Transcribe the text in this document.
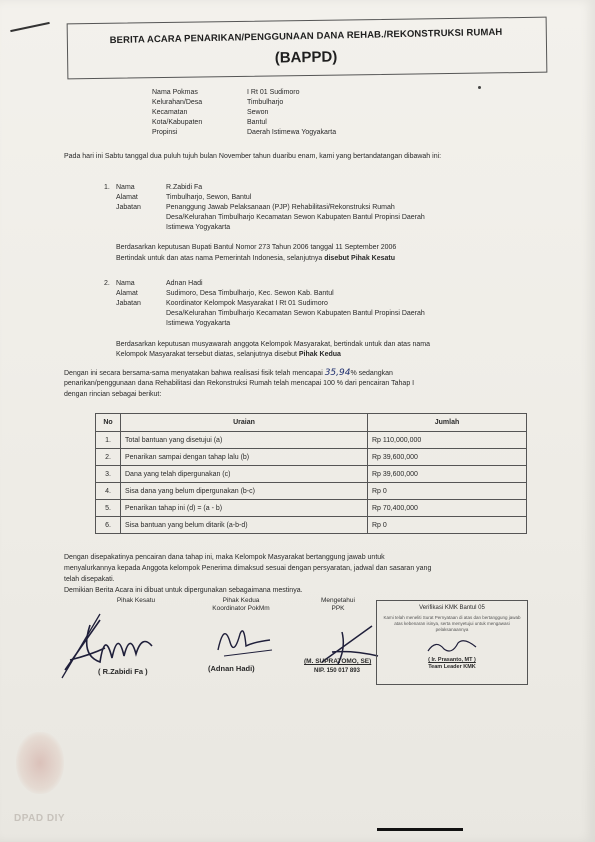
BERITA ACARA PENARIKAN/PENGGUNAAN DANA REHAB./REKONSTRUKSI RUMAH
(BAPPD)
Nama Pokmas	I Rt 01 Sudimoro
Kelurahan/Desa	Timbulharjo
Kecamatan	Sewon
Kota/Kabupaten	Bantul
Propinsi	Daerah Istimewa Yogyakarta
Pada hari ini Sabtu tanggal dua puluh tujuh bulan November tahun duaribu enam, kami yang bertandatangan dibawah ini:
1. Nama	R.Zabidi Fa
Alamat	Timbulharjo, Sewon, Bantul
Jabatan	Penanggung Jawab Pelaksanaan (PJP) Rehabilitasi/Rekonstruksi Rumah
Desa/Kelurahan Timbulharjo Kecamatan Sewon Kabupaten Bantul Propinsi Daerah
Istimewa Yogyakarta
Berdasarkan keputusan Bupati Bantul Nomor 273 Tahun 2006 tanggal 11 September 2006
Bertindak untuk dan atas nama Pemerintah Indonesia, selanjutnya disebut Pihak Kesatu
2. Nama	Adnan Hadi
Alamat	Sudimoro, Desa Timbulharjo, Kec. Sewon Kab. Bantul
Jabatan	Koordinator Kelompok Masyarakat I Rt 01 Sudimoro
Desa/Kelurahan Timbulharjo Kecamatan Sewon Kabupaten Bantul Propinsi Daerah
Istimewa Yogyakarta
Berdasarkan keputusan musyawarah anggota Kelompok Masyarakat, bertindak untuk dan atas nama
Kelompok Masyarakat tersebut diatas, selanjutnya disebut Pihak Kedua
Dengan ini secara bersama-sama menyatakan bahwa realisasi fisik telah mencapai 35,94% sedangkan
penarikan/penggunaan dana Rehabilitasi dan Rekonstruksi Rumah telah mencapai 100 % dari pencairan Tahap I
dengan rincian sebagai berikut:
No	Uraian	Jumlah
1.	Total bantuan yang disetujui (a)	Rp 110,000,000
2.	Penarikan sampai dengan tahap lalu (b)	Rp 39,600,000
3.	Dana yang telah dipergunakan (c)	Rp 39,600,000
4.	Sisa dana yang belum dipergunakan (b-c)	Rp 0
5.	Penarikan tahap ini (d) = (a - b)	Rp 70,400,000
6.	Sisa bantuan yang belum ditarik (a-b-d)	Rp 0
Dengan disepakatinya pencairan dana tahap ini, maka Kelompok Masyarakat bertanggung jawab untuk
menyalurkannya kepada Anggota kelompok Penerima dimaksud sesuai dengan persyaratan, jadwal dan sasaran yang
telah disepakati.
Demikian Berita Acara ini dibuat untuk dipergunakan sebagaimana mestinya.
Pihak Kesatu	Pihak Kedua
Koordinator PokMm
Mengetahui
PPK
( R.Zabidi Fa )	(Adnan Hadi)
(M. SUPRATOMO, SE)
NIP. 150 017 893
Verifikasi KMK Bantul 05
Kami telah meneliti Surat Pernyataan di atas dan bertanggung jawab atas kebenaran isinya, serta menyetujui untuk mengawasi pelaksanaannya
( Ir. Prasanto, MT )
Team Leader KMK
DPAD DIY
